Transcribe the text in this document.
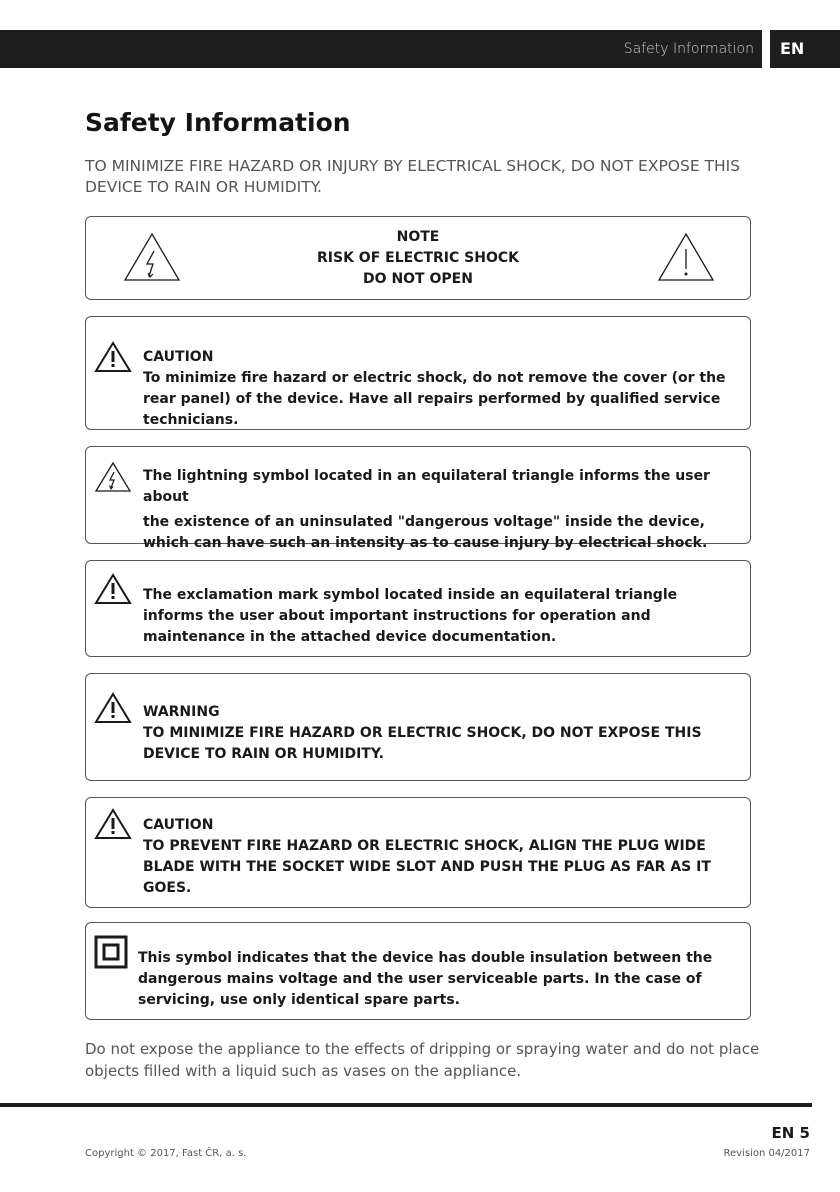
Safety Information	EN
Safety Information

TO MINIMIZE FIRE HAZARD OR INJURY BY ELECTRICAL SHOCK, DO NOT EXPOSE THIS DEVICE TO RAIN OR HUMIDITY.

NOTE
RISK OF ELECTRIC SHOCK
DO NOT OPEN
CAUTION
To minimize fire hazard or electric shock, do not remove the cover (or the rear panel) of the device. Have all repairs performed by qualified service technicians.
The lightning symbol located in an equilateral triangle informs the user about
the existence of an uninsulated "dangerous voltage" inside the device, which can have such an intensity as to cause injury by electrical shock.
The exclamation mark symbol located inside an equilateral triangle informs the user about important instructions for operation and maintenance in the attached device documentation.
WARNING
TO MINIMIZE FIRE HAZARD OR ELECTRIC SHOCK, DO NOT EXPOSE THIS DEVICE TO RAIN OR HUMIDITY.
CAUTION
TO PREVENT FIRE HAZARD OR ELECTRIC SHOCK, ALIGN THE PLUG WIDE BLADE WITH THE SOCKET WIDE SLOT AND PUSH THE PLUG AS FAR AS IT GOES.
This symbol indicates that the device has double insulation between the dangerous mains voltage and the user serviceable parts. In the case of servicing, use only identical spare parts.

Do not expose the appliance to the effects of dripping or spraying water and do not place objects filled with a liquid such as vases on the appliance.

EN 5
Copyright © 2017, Fast ČR, a. s.	Revision 04/2017
